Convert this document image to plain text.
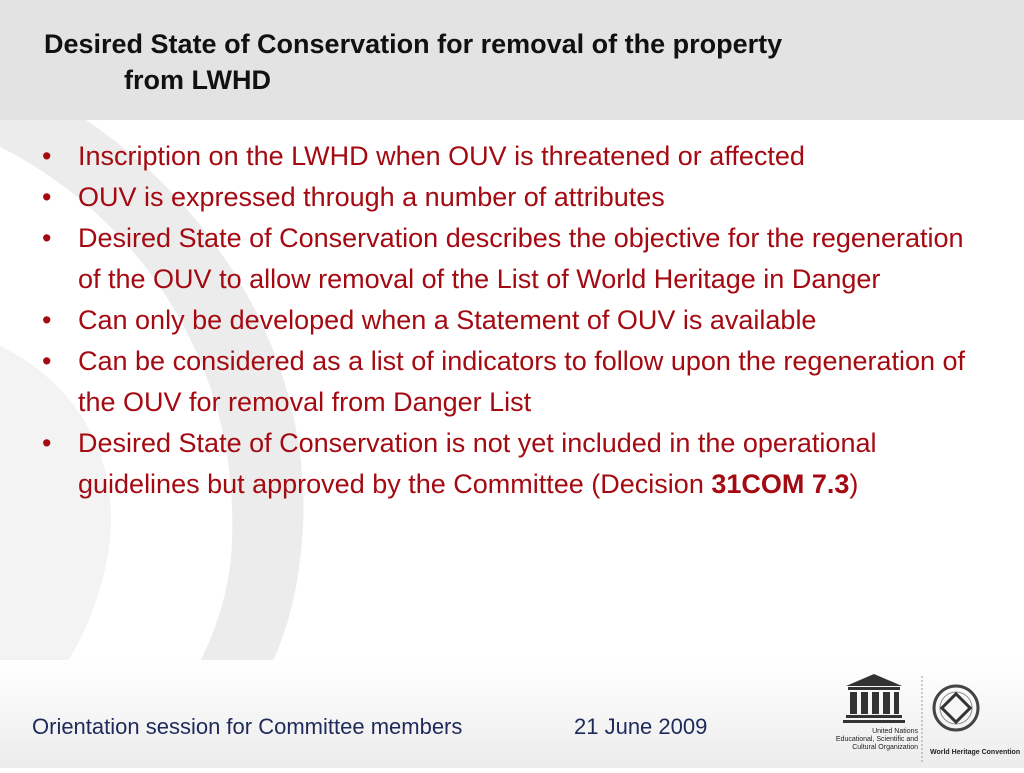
Desired State of Conservation for removal of the property
from LWHD
• Inscription on the LWHD when OUV is threatened or affected
• OUV is expressed through a number of attributes
• Desired State of Conservation describes the objective for the regeneration of the OUV to allow removal of the List of World Heritage in Danger
• Can only be developed when a Statement of OUV is available
• Can be considered as a list of indicators to follow upon the regeneration of the OUV for removal from Danger List
• Desired State of Conservation is not yet included in the operational guidelines but approved by the Committee (Decision 31COM 7.3)
Orientation session for Committee members	21 June 2009	United Nations
Educational, Scientific and
Cultural Organization
World Heritage Convention
